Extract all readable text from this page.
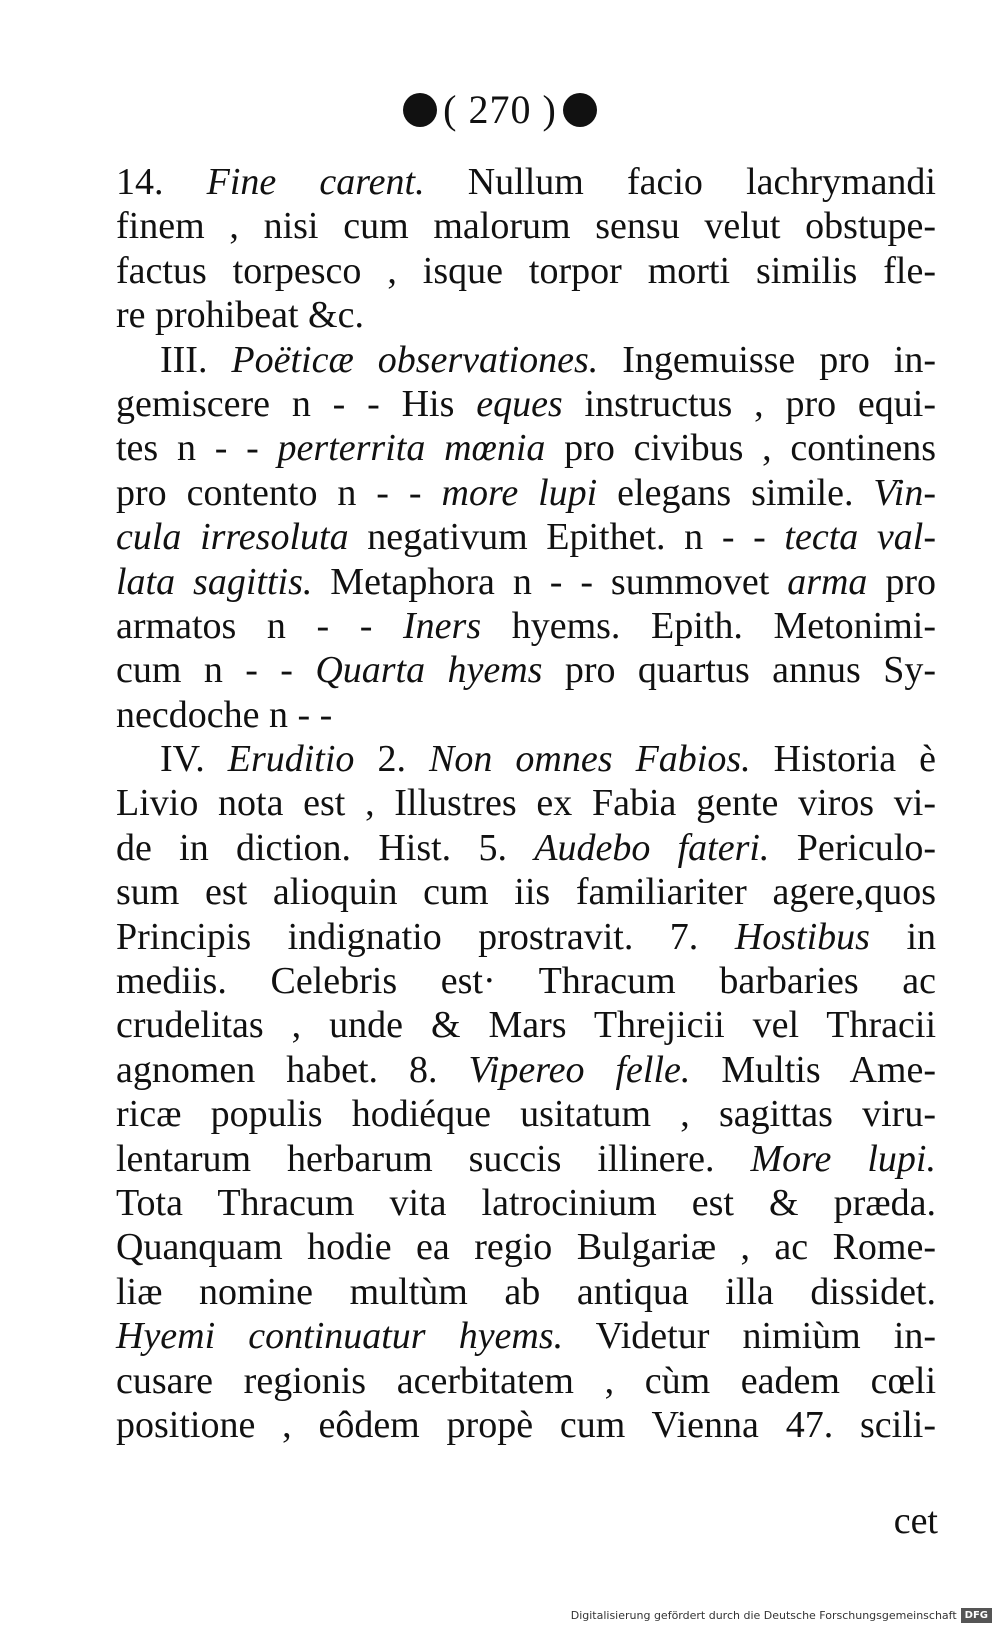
( 270 )
14. Fine carent. Nullum facio lachrymandi
finem , nisi cum malorum sensu velut obstupe-
factus torpesco , isque torpor morti similis fle-
re prohibeat &c.
III. Poëticæ observationes. Ingemuisse pro in-
gemiscere n - - His eques instructus , pro equi-
tes n - - perterrita mœnia pro civibus , continens
pro contento n - - more lupi elegans simile. Vin-
cula irresoluta negativum Epithet. n - - tecta val-
lata sagittis. Metaphora n - - summovet arma pro
armatos n - - Iners hyems. Epith. Metonimi-
cum n - - Quarta hyems pro quartus annus Sy-
necdoche n - -
IV. Eruditio 2. Non omnes Fabios. Historia è
Livio nota est , Illustres ex Fabia gente viros vi-
de in diction. Hist. 5. Audebo fateri. Periculo-
sum est alioquin cum iis familiariter agere,quos
Principis indignatio prostravit. 7. Hostibus in
mediis. Celebris est· Thracum barbaries ac
crudelitas , unde & Mars Threjicii vel Thracii
agnomen habet. 8. Vipereo felle. Multis Ame-
ricæ populis hodiéque usitatum , sagittas viru-
lentarum herbarum succis illinere. More lupi.
Tota Thracum vita latrocinium est & præda.
Quanquam hodie ea regio Bulgariæ , ac Rome-
liæ nomine multùm ab antiqua illa dissidet.
Hyemi continuatur hyems. Videtur nimiùm in-
cusare regionis acerbitatem , cùm eadem cœli
positione , eôdem propè cum Vienna 47. scili-
cet
Digitalisierung gefördert durch die Deutsche Forschungsgemeinschaft DFG
